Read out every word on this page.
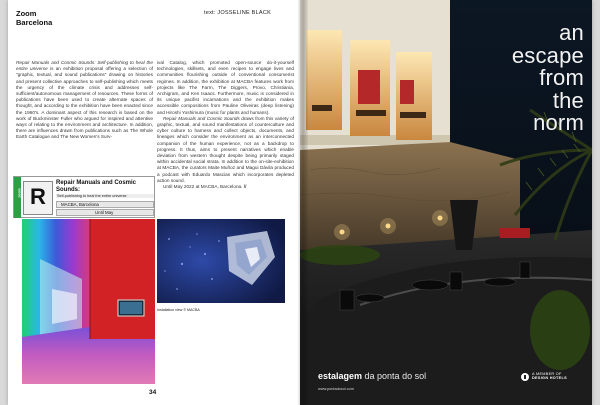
Zoom
Barcelona
text: JOSSELINE BLACK

Repair Manuals and Cosmic Sounds: Self-publishing to heal the entire universe is an exhibition proposal offering a selection of "graphic, textual, and sound publications" drawing on histories and present collective approaches to self-publishing which meets the urgency of the climate crisis and addresses self-sufficient/autonomous management of resources. These forms of publications have been used to create alternate spaces of thought, and according to the exhibition have been enacted since the 1960's. A dominant aspect of this research is based on the work of Buckminster Fuller who argued for inspired and attentive ways of relating to the environment and architecture. In addition, there are influences drawn from publications such as The Whole Earth Catalogue and The New Women's Surv-

ival Catalog, which promoted open-source do-it-yourself technologies, skillsets, and even recipes to engage lives and communities flourishing outside of conventional consumerist regimes. In addition, the exhibition at MACBA features work from projects like The Farm, The Diggers, Provo, Christiania, Archigram, and Ken Isaacs. Furthermore, music is considered in its unique pacifist incarnations and the exhibition makes accessible compositions from Pauline Oliveiras (deep listening) and Hiroshi Yoshimura (music for plants and humans).

Repair Manuals and Cosmic Sounds draws from this variety of graphic, textual, and sound manifestations of counterculture and cyber culture to harness and collect objects, documents, and lineages which consider the environment as an interconnected companion of the human experience, not as a backdrop to progress. It thus, aims to present narratives which enable deviation from western thought despite being primarily staged within accidental social strata. In addition to the on-site-exhibition at MACBA, the curators Maite Muñoz and Magui Dávila produced a podcast with Eduardo Mascias which incorporates depleted action sound.

Until May 2022 at MACBA, Barcelona. //

zoom R
Repair Manuals and Cosmic Sounds:
Self-publishing to heal the entire universe
MACBA, Barcelona
Until May
Installation view © MACBA
34
an
escape
from
the
norm
estalagem da ponta do sol
www.pontadosol.com
A MEMBER OF
DESIGN HOTELS
